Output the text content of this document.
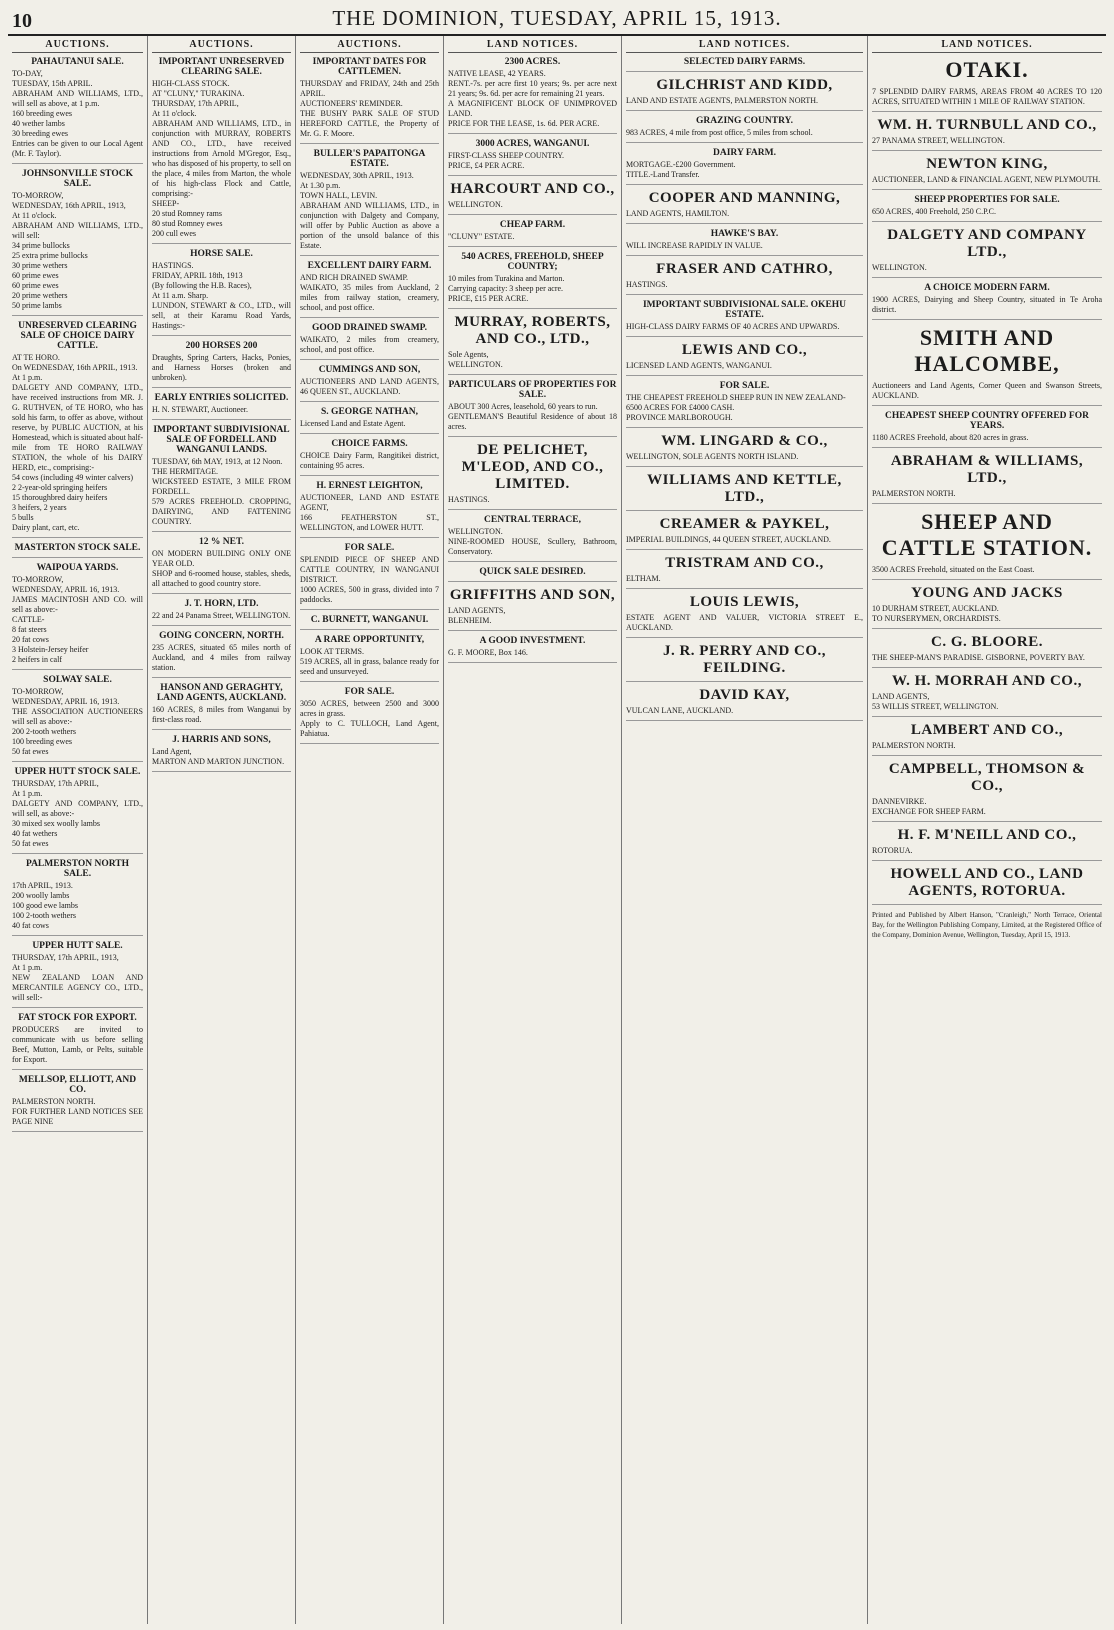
10	THE DOMINION, TUESDAY, APRIL 15, 1913.
AUCTIONS.
PAHAUTANUI SALE.

TO-DAY,

TUESDAY, 15th APRIL.

ABRAHAM AND WILLIAMS, LTD., will sell as above, at 1 p.m.

160 breeding ewes

40 wether lambs

30 breeding ewes

Entries can be given to our Local Agent (Mr. F. Taylor).

JOHNSONVILLE STOCK SALE.

TO-MORROW,

WEDNESDAY, 16th APRIL, 1913,

At 11 o'clock.

ABRAHAM AND WILLIAMS, LTD., will sell:

34 prime bullocks

25 extra prime bullocks

30 prime wethers

60 prime ewes

60 prime ewes

20 prime wethers

50 prime lambs

UNRESERVED CLEARING SALE OF CHOICE DAIRY CATTLE.

AT TE HORO.

On WEDNESDAY, 16th APRIL, 1913.

At 1 p.m.

DALGETY AND COMPANY, LTD., have received instructions from MR. J. G. RUTHVEN, of TE HORO, who has sold his farm, to offer as above, without reserve, by PUBLIC AUCTION, at his Homestead, which is situated about half-mile from TE HORO RAILWAY STATION, the whole of his DAIRY HERD, etc., comprising:-

54 cows (including 49 winter calvers)

2 2-year-old springing heifers

15 thoroughbred dairy heifers

3 heifers, 2 years

5 bulls

Dairy plant, cart, etc.

MASTERTON STOCK SALE.
WAIPOUA YARDS.

TO-MORROW,

WEDNESDAY, APRIL 16, 1913.

JAMES MACINTOSH AND CO. will sell as above:-

CATTLE-

8 fat steers

20 fat cows

3 Holstein-Jersey heifer

2 heifers in calf

SOLWAY SALE.

TO-MORROW,

WEDNESDAY, APRIL 16, 1913.

THE ASSOCIATION AUCTIONEERS will sell as above:-

200 2-tooth wethers

100 breeding ewes

50 fat ewes

UPPER HUTT STOCK SALE.

THURSDAY, 17th APRIL,

At 1 p.m.

DALGETY AND COMPANY, LTD., will sell, as above:-

30 mixed sex woolly lambs

40 fat wethers

50 fat ewes

PALMERSTON NORTH SALE.

17th APRIL, 1913.

200 woolly lambs

100 good ewe lambs

100 2-tooth wethers

40 fat cows

UPPER HUTT SALE.

THURSDAY, 17th APRIL, 1913,

At 1 p.m.

NEW ZEALAND LOAN AND MERCANTILE AGENCY CO., LTD., will sell:-

FAT STOCK FOR EXPORT.

PRODUCERS are invited to communicate with us before selling Beef, Mutton, Lamb, or Pelts, suitable for Export.

MELLSOP, ELLIOTT, AND CO.

PALMERSTON NORTH.

FOR FURTHER LAND NOTICES SEE PAGE NINE

AUCTIONS.
IMPORTANT UNRESERVED CLEARING SALE.

HIGH-CLASS STOCK.

AT "CLUNY," TURAKINA.

THURSDAY, 17th APRIL,

At 11 o'clock.

ABRAHAM AND WILLIAMS, LTD., in conjunction with MURRAY, ROBERTS AND CO., LTD., have received instructions from Arnold M'Gregor, Esq., who has disposed of his property, to sell on the place, 4 miles from Marton, the whole of his high-class Flock and Cattle, comprising:-

SHEEP-

20 stud Romney rams

80 stud Romney ewes

200 cull ewes

HORSE SALE.

HASTINGS.

FRIDAY, APRIL 18th, 1913

(By following the H.B. Races),

At 11 a.m. Sharp.

LUNDON, STEWART & CO., LTD., will sell, at their Karamu Road Yards, Hastings:-

200 HORSES 200

Draughts, Spring Carters, Hacks, Ponies, and Harness Horses (broken and unbroken).

EARLY ENTRIES SOLICITED.

H. N. STEWART, Auctioneer.

IMPORTANT SUBDIVISIONAL SALE OF FORDELL AND WANGANUI LANDS.

TUESDAY, 6th MAY, 1913, at 12 Noon.

THE HERMITAGE.

WICKSTEED ESTATE, 3 MILE FROM FORDELL.

579 ACRES FREEHOLD. CROPPING, DAIRYING, AND FATTENING COUNTRY.

12 % NET.

ON MODERN BUILDING ONLY ONE YEAR OLD.

SHOP and 6-roomed house, stables, sheds, all attached to good country store.

J. T. HORN, LTD.

22 and 24 Panama Street, WELLINGTON.

GOING CONCERN, NORTH.

235 ACRES, situated 65 miles north of Auckland, and 4 miles from railway station.

HANSON AND GERAGHTY, LAND AGENTS, AUCKLAND.

160 ACRES, 8 miles from Wanganui by first-class road.

J. HARRIS AND SONS,

Land Agent,

MARTON AND MARTON JUNCTION.

AUCTIONS.
IMPORTANT DATES FOR CATTLEMEN.

THURSDAY and FRIDAY, 24th and 25th APRIL.

AUCTIONEERS' REMINDER.

THE BUSHY PARK SALE OF STUD HEREFORD CATTLE, the Property of Mr. G. F. Moore.

BULLER'S PAPAITONGA ESTATE.

WEDNESDAY, 30th APRIL, 1913.

At 1.30 p.m.

TOWN HALL, LEVIN.

ABRAHAM AND WILLIAMS, LTD., in conjunction with Dalgety and Company, will offer by Public Auction as above a portion of the unsold balance of this Estate.

EXCELLENT DAIRY FARM.

AND RICH DRAINED SWAMP.

WAIKATO, 35 miles from Auckland, 2 miles from railway station, creamery, school, and post office.

GOOD DRAINED SWAMP.

WAIKATO, 2 miles from creamery, school, and post office.

CUMMINGS AND SON,

AUCTIONEERS AND LAND AGENTS, 46 QUEEN ST., AUCKLAND.

S. GEORGE NATHAN,

Licensed Land and Estate Agent.

CHOICE FARMS.

CHOICE Dairy Farm, Rangitikei district, containing 95 acres.

H. ERNEST LEIGHTON,

AUCTIONEER, LAND AND ESTATE AGENT,

166 FEATHERSTON ST., WELLINGTON, and LOWER HUTT.

FOR SALE.

SPLENDID PIECE OF SHEEP AND CATTLE COUNTRY, IN WANGANUI DISTRICT.

1000 ACRES, 500 in grass, divided into 7 paddocks.

C. BURNETT, WANGANUI.
A RARE OPPORTUNITY,

LOOK AT TERMS.

519 ACRES, all in grass, balance ready for seed and unsurveyed.

FOR SALE.

3050 ACRES, between 2500 and 3000 acres in grass.

Apply to C. TULLOCH, Land Agent, Pahiatua.

LAND NOTICES.
2300 ACRES.

NATIVE LEASE, 42 YEARS.

RENT.-7s. per acre first 10 years; 9s. per acre next 21 years; 9s. 6d. per acre for remaining 21 years.

A MAGNIFICENT BLOCK OF UNIMPROVED LAND.

PRICE FOR THE LEASE, 1s. 6d. PER ACRE.

3000 ACRES, WANGANUI.

FIRST-CLASS SHEEP COUNTRY.

PRICE, £4 PER ACRE.

HARCOURT AND CO.,

WELLINGTON.

CHEAP FARM.

"CLUNY" ESTATE.

540 ACRES, FREEHOLD, SHEEP COUNTRY;

10 miles from Turakina and Marton.

Carrying capacity: 3 sheep per acre.

PRICE, £15 PER ACRE.

MURRAY, ROBERTS, AND CO., LTD.,

Sole Agents,

WELLINGTON.

PARTICULARS OF PROPERTIES FOR SALE.

ABOUT 300 Acres, leasehold, 60 years to run.

GENTLEMAN'S Beautiful Residence of about 18 acres.

DE PELICHET, M'LEOD, AND CO., LIMITED.

HASTINGS.

CENTRAL TERRACE,

WELLINGTON.

NINE-ROOMED HOUSE, Scullery, Bathroom, Conservatory.

QUICK SALE DESIRED.
GRIFFITHS AND SON,

LAND AGENTS,

BLENHEIM.

A GOOD INVESTMENT.

G. F. MOORE, Box 146.

LAND NOTICES.
SELECTED DAIRY FARMS.
GILCHRIST AND KIDD,

LAND AND ESTATE AGENTS, PALMERSTON NORTH.

GRAZING COUNTRY.

983 ACRES, 4 mile from post office, 5 miles from school.

DAIRY FARM.

MORTGAGE.-£200 Government.

TITLE.-Land Transfer.

COOPER AND MANNING,

LAND AGENTS, HAMILTON.

HAWKE'S BAY.

WILL INCREASE RAPIDLY IN VALUE.

FRASER AND CATHRO,

HASTINGS.

IMPORTANT SUBDIVISIONAL SALE. OKEHU ESTATE.

HIGH-CLASS DAIRY FARMS OF 40 ACRES AND UPWARDS.

LEWIS AND CO.,

LICENSED LAND AGENTS, WANGANUI.

FOR SALE.

THE CHEAPEST FREEHOLD SHEEP RUN IN NEW ZEALAND-

6500 ACRES FOR £4000 CASH.

PROVINCE MARLBOROUGH.

WM. LINGARD & CO.,

WELLINGTON, SOLE AGENTS NORTH ISLAND.

WILLIAMS AND KETTLE, LTD.,
CREAMER & PAYKEL,

IMPERIAL BUILDINGS, 44 QUEEN STREET, AUCKLAND.

TRISTRAM AND CO.,

ELTHAM.

LOUIS LEWIS,

ESTATE AGENT AND VALUER, VICTORIA STREET E., AUCKLAND.

J. R. PERRY AND CO., FEILDING.
DAVID KAY,

VULCAN LANE, AUCKLAND.

LAND NOTICES.
OTAKI.

7 SPLENDID DAIRY FARMS, AREAS FROM 40 ACRES TO 120 ACRES, SITUATED WITHIN 1 MILE OF RAILWAY STATION.

WM. H. TURNBULL AND CO.,

27 PANAMA STREET, WELLINGTON.

NEWTON KING,

AUCTIONEER, LAND & FINANCIAL AGENT, NEW PLYMOUTH.

SHEEP PROPERTIES FOR SALE.

650 ACRES, 400 Freehold, 250 C.P.C.

DALGETY AND COMPANY LTD.,

WELLINGTON.

A CHOICE MODERN FARM.

1900 ACRES, Dairying and Sheep Country, situated in Te Aroha district.

SMITH AND HALCOMBE,

Auctioneers and Land Agents, Corner Queen and Swanson Streets, AUCKLAND.

CHEAPEST SHEEP COUNTRY OFFERED FOR YEARS.

1180 ACRES Freehold, about 820 acres in grass.

ABRAHAM & WILLIAMS, LTD.,

PALMERSTON NORTH.

SHEEP AND CATTLE STATION.

3500 ACRES Freehold, situated on the East Coast.

YOUNG AND JACKS

10 DURHAM STREET, AUCKLAND.

TO NURSERYMEN, ORCHARDISTS.

C. G. BLOORE.

THE SHEEP-MAN'S PARADISE. GISBORNE, POVERTY BAY.

W. H. MORRAH AND CO.,

LAND AGENTS,

53 WILLIS STREET, WELLINGTON.

LAMBERT AND CO.,

PALMERSTON NORTH.

CAMPBELL, THOMSON & CO.,

DANNEVIRKE.

EXCHANGE FOR SHEEP FARM.

H. F. M'NEILL AND CO.,

ROTORUA.

HOWELL AND CO., LAND AGENTS, ROTORUA.

Printed and Published by Albert Hanson, "Cranleigh," North Terrace, Oriental Bay, for the Wellington Publishing Company, Limited, at the Registered Office of the Company, Dominion Avenue, Wellington, Tuesday, April 15, 1913.
